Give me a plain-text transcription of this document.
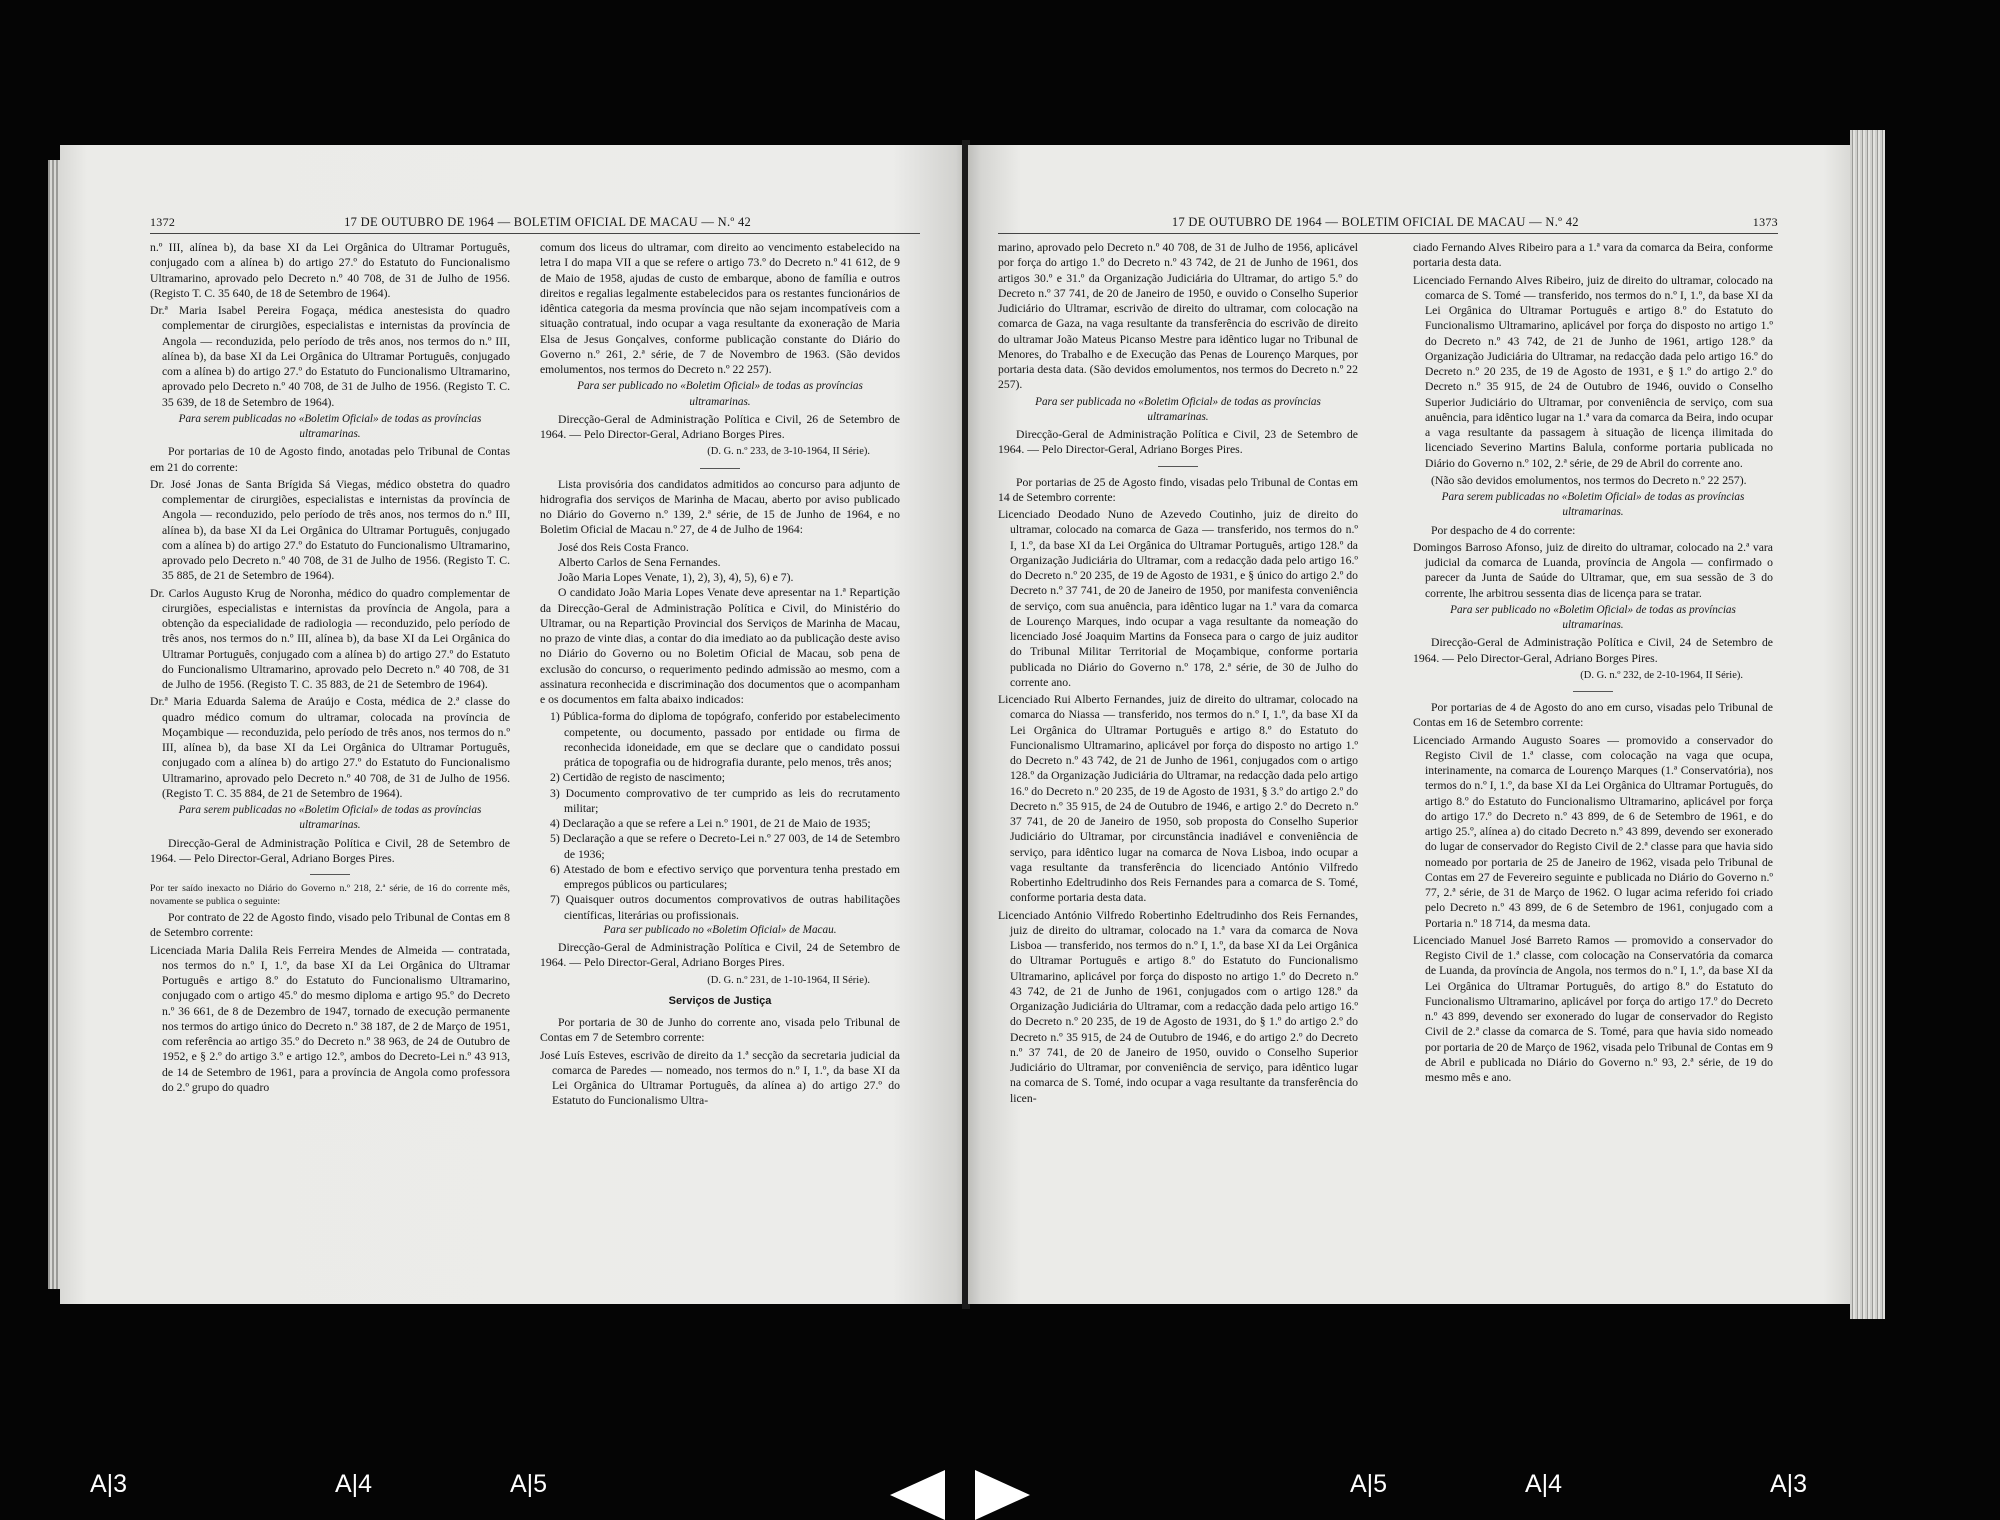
1372	17 DE OUTUBRO DE 1964 — BOLETIM OFICIAL DE MACAU — N.º 42

n.º III, alínea b), da base XI da Lei Orgânica do Ultramar Português, conjugado com a alínea b) do artigo 27.º do Estatuto do Funcionalismo Ultramarino, aprovado pelo Decreto n.º 40 708, de 31 de Julho de 1956. (Registo T. C. 35 640, de 18 de Setembro de 1964).

Dr.ª Maria Isabel Pereira Fogaça, médica anestesista do quadro complementar de cirurgiões, especialistas e internistas da província de Angola — reconduzida, pelo período de três anos, nos termos do n.º III, alínea b), da base XI da Lei Orgânica do Ultramar Português, conjugado com a alínea b) do artigo 27.º do Estatuto do Funcionalismo Ultramarino, aprovado pelo Decreto n.º 40 708, de 31 de Julho de 1956. (Registo T. C. 35 639, de 18 de Setembro de 1964).

Para serem publicadas no «Boletim Oficial» de todas as províncias ultramarinas.

Por portarias de 10 de Agosto findo, anotadas pelo Tribunal de Contas em 21 do corrente:

Dr. José Jonas de Santa Brígida Sá Viegas, médico obstetra do quadro complementar de cirurgiões, especialistas e internistas da província de Angola — reconduzido, pelo período de três anos, nos termos do n.º III, alínea b), da base XI da Lei Orgânica do Ultramar Português, conjugado com a alínea b) do artigo 27.º do Estatuto do Funcionalismo Ultramarino, aprovado pelo Decreto n.º 40 708, de 31 de Julho de 1956. (Registo T. C. 35 885, de 21 de Setembro de 1964).

Dr. Carlos Augusto Krug de Noronha, médico do quadro complementar de cirurgiões, especialistas e internistas da província de Angola, para a obtenção da especialidade de radiologia — reconduzido, pelo período de três anos, nos termos do n.º III, alínea b), da base XI da Lei Orgânica do Ultramar Português, conjugado com a alínea b) do artigo 27.º do Estatuto do Funcionalismo Ultramarino, aprovado pelo Decreto n.º 40 708, de 31 de Julho de 1956. (Registo T. C. 35 883, de 21 de Setembro de 1964).

Dr.ª Maria Eduarda Salema de Araújo e Costa, médica de 2.ª classe do quadro médico comum do ultramar, colocada na província de Moçambique — reconduzida, pelo período de três anos, nos termos do n.º III, alínea b), da base XI da Lei Orgânica do Ultramar Português, conjugado com a alínea b) do artigo 27.º do Estatuto do Funcionalismo Ultramarino, aprovado pelo Decreto n.º 40 708, de 31 de Julho de 1956. (Registo T. C. 35 884, de 21 de Setembro de 1964).

Para serem publicadas no «Boletim Oficial» de todas as províncias ultramarinas.

Direcção-Geral de Administração Política e Civil, 28 de Setembro de 1964. — Pelo Director-Geral, Adriano Borges Pires.

Por ter saído inexacto no Diário do Governo n.º 218, 2.ª série, de 16 do corrente mês, novamente se publica o seguinte:

Por contrato de 22 de Agosto findo, visado pelo Tribunal de Contas em 8 de Setembro corrente:

Licenciada Maria Dalila Reis Ferreira Mendes de Almeida — contratada, nos termos do n.º I, 1.º, da base XI da Lei Orgânica do Ultramar Português e artigo 8.º do Estatuto do Funcionalismo Ultramarino, conjugado com o artigo 45.º do mesmo diploma e artigo 95.º do Decreto n.º 36 661, de 8 de Dezembro de 1947, tornado de execução permanente nos termos do artigo único do Decreto n.º 38 187, de 2 de Março de 1951, com referência ao artigo 35.º do Decreto n.º 38 963, de 24 de Outubro de 1952, e § 2.º do artigo 3.º e artigo 12.º, ambos do Decreto-Lei n.º 43 913, de 14 de Setembro de 1961, para a província de Angola como professora do 2.º grupo do quadro

comum dos liceus do ultramar, com direito ao vencimento estabelecido na letra I do mapa VII a que se refere o artigo 73.º do Decreto n.º 41 612, de 9 de Maio de 1958, ajudas de custo de embarque, abono de família e outros direitos e regalias legalmente estabelecidos para os restantes funcionários de idêntica categoria da mesma província que não sejam incompatíveis com a situação contratual, indo ocupar a vaga resultante da exoneração de Maria Elsa de Jesus Gonçalves, conforme publicação constante do Diário do Governo n.º 261, 2.ª série, de 7 de Novembro de 1963. (São devidos emolumentos, nos termos do Decreto n.º 22 257).

Para ser publicado no «Boletim Oficial» de todas as províncias ultramarinas.

Direcção-Geral de Administração Política e Civil, 26 de Setembro de 1964. — Pelo Director-Geral, Adriano Borges Pires.

(D. G. n.º 233, de 3-10-1964, II Série).

Lista provisória dos candidatos admitidos ao concurso para adjunto de hidrografia dos serviços de Marinha de Macau, aberto por aviso publicado no Diário do Governo n.º 139, 2.ª série, de 15 de Junho de 1964, e no Boletim Oficial de Macau n.º 27, de 4 de Julho de 1964:

José dos Reis Costa Franco.
Alberto Carlos de Sena Fernandes.
João Maria Lopes Venate, 1), 2), 3), 4), 5), 6) e 7).

O candidato João Maria Lopes Venate deve apresentar na 1.ª Repartição da Direcção-Geral de Administração Política e Civil, do Ministério do Ultramar, ou na Repartição Provincial dos Serviços de Marinha de Macau, no prazo de vinte dias, a contar do dia imediato ao da publicação deste aviso no Diário do Governo ou no Boletim Oficial de Macau, sob pena de exclusão do concurso, o requerimento pedindo admissão ao mesmo, com a assinatura reconhecida e discriminação dos documentos que o acompanham e os documentos em falta abaixo indicados:

1) Pública-forma do diploma de topógrafo, conferido por estabelecimento competente, ou documento, passado por entidade ou firma de reconhecida idoneidade, em que se declare que o candidato possui prática de topografia ou de hidrografia durante, pelo menos, três anos;
2) Certidão de registo de nascimento;
3) Documento comprovativo de ter cumprido as leis do recrutamento militar;
4) Declaração a que se refere a Lei n.º 1901, de 21 de Maio de 1935;
5) Declaração a que se refere o Decreto-Lei n.º 27 003, de 14 de Setembro de 1936;
6) Atestado de bom e efectivo serviço que porventura tenha prestado em empregos públicos ou particulares;
7) Quaisquer outros documentos comprovativos de outras habilitações científicas, literárias ou profissionais.

Para ser publicado no «Boletim Oficial» de Macau.

Direcção-Geral de Administração Política e Civil, 24 de Setembro de 1964. — Pelo Director-Geral, Adriano Borges Pires.

(D. G. n.º 231, de 1-10-1964, II Série).

Serviços de Justiça

Por portaria de 30 de Junho do corrente ano, visada pelo Tribunal de Contas em 7 de Setembro corrente:

José Luís Esteves, escrivão de direito da 1.ª secção da secretaria judicial da comarca de Paredes — nomeado, nos termos do n.º I, 1.º, da base XI da Lei Orgânica do Ultramar Português, da alínea a) do artigo 27.º do Estatuto do Funcionalismo Ultra-

17 DE OUTUBRO DE 1964 — BOLETIM OFICIAL DE MACAU — N.º 42	1373

marino, aprovado pelo Decreto n.º 40 708, de 31 de Julho de 1956, aplicável por força do artigo 1.º do Decreto n.º 43 742, de 21 de Junho de 1961, dos artigos 30.º e 31.º da Organização Judiciária do Ultramar, do artigo 5.º do Decreto n.º 37 741, de 20 de Janeiro de 1950, e ouvido o Conselho Superior Judiciário do Ultramar, escrivão de direito do ultramar, com colocação na comarca de Gaza, na vaga resultante da transferência do escrivão de direito do ultramar João Mateus Picanso Mestre para idêntico lugar no Tribunal de Menores, do Trabalho e de Execução das Penas de Lourenço Marques, por portaria desta data. (São devidos emolumentos, nos termos do Decreto n.º 22 257).

Para ser publicada no «Boletim Oficial» de todas as províncias ultramarinas.

Direcção-Geral de Administração Política e Civil, 23 de Setembro de 1964. — Pelo Director-Geral, Adriano Borges Pires.

Por portarias de 25 de Agosto findo, visadas pelo Tribunal de Contas em 14 de Setembro corrente:

Licenciado Deodado Nuno de Azevedo Coutinho, juiz de direito do ultramar, colocado na comarca de Gaza — transferido, nos termos do n.º I, 1.º, da base XI da Lei Orgânica do Ultramar Português, artigo 128.º da Organização Judiciária do Ultramar, com a redacção dada pelo artigo 16.º do Decreto n.º 20 235, de 19 de Agosto de 1931, e § único do artigo 2.º do Decreto n.º 37 741, de 20 de Janeiro de 1950, por manifesta conveniência de serviço, com sua anuência, para idêntico lugar na 1.ª vara da comarca de Lourenço Marques, indo ocupar a vaga resultante da nomeação do licenciado José Joaquim Martins da Fonseca para o cargo de juiz auditor do Tribunal Militar Territorial de Moçambique, conforme portaria publicada no Diário do Governo n.º 178, 2.ª série, de 30 de Julho do corrente ano.

Licenciado Rui Alberto Fernandes, juiz de direito do ultramar, colocado na comarca do Niassa — transferido, nos termos do n.º I, 1.º, da base XI da Lei Orgânica do Ultramar Português e artigo 8.º do Estatuto do Funcionalismo Ultramarino, aplicável por força do disposto no artigo 1.º do Decreto n.º 43 742, de 21 de Junho de 1961, conjugados com o artigo 128.º da Organização Judiciária do Ultramar, na redacção dada pelo artigo 16.º do Decreto n.º 20 235, de 19 de Agosto de 1931, § 3.º do artigo 2.º do Decreto n.º 35 915, de 24 de Outubro de 1946, e artigo 2.º do Decreto n.º 37 741, de 20 de Janeiro de 1950, sob proposta do Conselho Superior Judiciário do Ultramar, por circunstância inadiável e conveniência de serviço, para idêntico lugar na comarca de Nova Lisboa, indo ocupar a vaga resultante da transferência do licenciado António Vilfredo Robertinho Edeltrudinho dos Reis Fernandes para a comarca de S. Tomé, conforme portaria desta data.

Licenciado António Vilfredo Robertinho Edeltrudinho dos Reis Fernandes, juiz de direito do ultramar, colocado na 1.ª vara da comarca de Nova Lisboa — transferido, nos termos do n.º I, 1.º, da base XI da Lei Orgânica do Ultramar Português e artigo 8.º do Estatuto do Funcionalismo Ultramarino, aplicável por força do disposto no artigo 1.º do Decreto n.º 43 742, de 21 de Junho de 1961, conjugados com o artigo 128.º da Organização Judiciária do Ultramar, com a redacção dada pelo artigo 16.º do Decreto n.º 20 235, de 19 de Agosto de 1931, do § 1.º do artigo 2.º do Decreto n.º 35 915, de 24 de Outubro de 1946, e do artigo 2.º do Decreto n.º 37 741, de 20 de Janeiro de 1950, ouvido o Conselho Superior Judiciário do Ultramar, por conveniência de serviço, para idêntico lugar na comarca de S. Tomé, indo ocupar a vaga resultante da transferência do licen-

ciado Fernando Alves Ribeiro para a 1.ª vara da comarca da Beira, conforme portaria desta data.

Licenciado Fernando Alves Ribeiro, juiz de direito do ultramar, colocado na comarca de S. Tomé — transferido, nos termos do n.º I, 1.º, da base XI da Lei Orgânica do Ultramar Português e artigo 8.º do Estatuto do Funcionalismo Ultramarino, aplicável por força do disposto no artigo 1.º do Decreto n.º 43 742, de 21 de Junho de 1961, artigo 128.º da Organização Judiciária do Ultramar, na redacção dada pelo artigo 16.º do Decreto n.º 20 235, de 19 de Agosto de 1931, e § 1.º do artigo 2.º do Decreto n.º 35 915, de 24 de Outubro de 1946, ouvido o Conselho Superior Judiciário do Ultramar, por conveniência de serviço, com sua anuência, para idêntico lugar na 1.ª vara da comarca da Beira, indo ocupar a vaga resultante da passagem à situação de licença ilimitada do licenciado Severino Martins Balula, conforme portaria publicada no Diário do Governo n.º 102, 2.ª série, de 29 de Abril do corrente ano.

(Não são devidos emolumentos, nos termos do Decreto n.º 22 257).

Para serem publicadas no «Boletim Oficial» de todas as províncias ultramarinas.

Por despacho de 4 do corrente:

Domingos Barroso Afonso, juiz de direito do ultramar, colocado na 2.ª vara judicial da comarca de Luanda, província de Angola — confirmado o parecer da Junta de Saúde do Ultramar, que, em sua sessão de 3 do corrente, lhe arbitrou sessenta dias de licença para se tratar.

Para ser publicado no «Boletim Oficial» de todas as províncias ultramarinas.

Direcção-Geral de Administração Política e Civil, 24 de Setembro de 1964. — Pelo Director-Geral, Adriano Borges Pires.

(D. G. n.º 232, de 2-10-1964, II Série).

Por portarias de 4 de Agosto do ano em curso, visadas pelo Tribunal de Contas em 16 de Setembro corrente:

Licenciado Armando Augusto Soares — promovido a conservador do Registo Civil de 1.ª classe, com colocação na vaga que ocupa, interinamente, na comarca de Lourenço Marques (1.ª Conservatória), nos termos do n.º I, 1.º, da base XI da Lei Orgânica do Ultramar Português, do artigo 8.º do Estatuto do Funcionalismo Ultramarino, aplicável por força do artigo 17.º do Decreto n.º 43 899, de 6 de Setembro de 1961, e do artigo 25.º, alínea a) do citado Decreto n.º 43 899, devendo ser exonerado do lugar de conservador do Registo Civil de 2.ª classe para que havia sido nomeado por portaria de 25 de Janeiro de 1962, visada pelo Tribunal de Contas em 27 de Fevereiro seguinte e publicada no Diário do Governo n.º 77, 2.ª série, de 31 de Março de 1962. O lugar acima referido foi criado pelo Decreto n.º 43 899, de 6 de Setembro de 1961, conjugado com a Portaria n.º 18 714, da mesma data.

Licenciado Manuel José Barreto Ramos — promovido a conservador do Registo Civil de 1.ª classe, com colocação na Conservatória da comarca de Luanda, da província de Angola, nos termos do n.º I, 1.º, da base XI da Lei Orgânica do Ultramar Português, do artigo 8.º do Estatuto do Funcionalismo Ultramarino, aplicável por força do artigo 17.º do Decreto n.º 43 899, devendo ser exonerado do lugar de conservador do Registo Civil de 2.ª classe da comarca de S. Tomé, para que havia sido nomeado por portaria de 20 de Março de 1962, visada pelo Tribunal de Contas em 9 de Abril e publicada no Diário do Governo n.º 93, 2.ª série, de 19 do mesmo mês e ano.

A|3	A|4	A|5	A|5	A|4	A|3
